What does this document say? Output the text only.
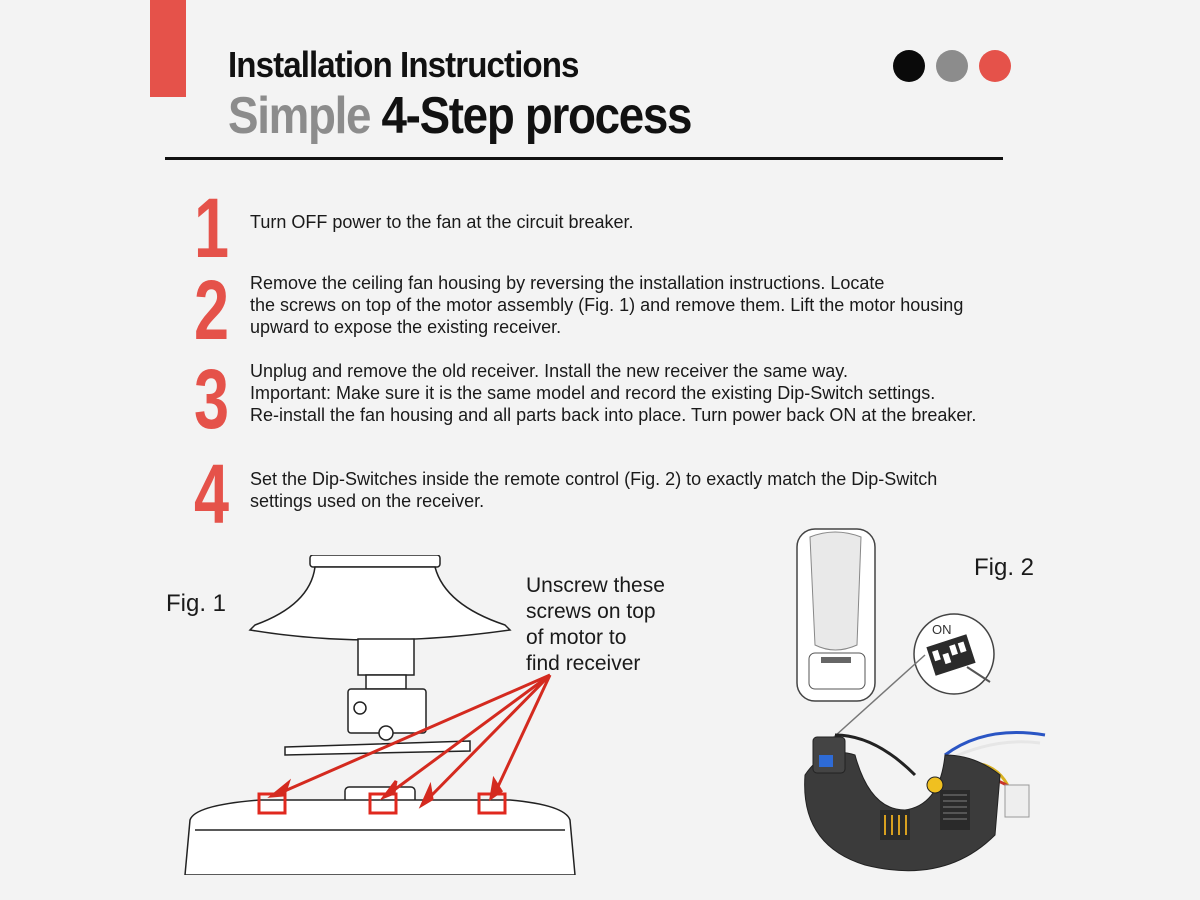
Installation Instructions
Simple 4-Step process
1 Turn OFF power to the fan at the circuit breaker.
2 Remove the ceiling fan housing by reversing the installation instructions. Locate
the screws on top of the motor assembly (Fig. 1) and remove them. Lift the motor housing
upward to expose the existing receiver.
3 Unplug and remove the old receiver. Install the new receiver the same way.
Important: Make sure it is the same model and record the existing Dip-Switch settings.
Re-install the fan housing and all parts back into place. Turn power back ON at the breaker.
4 Set the Dip-Switches inside the remote control (Fig. 2) to exactly match the Dip-Switch
settings used on the receiver.
Fig. 1
Fig. 2
Unscrew these
screws on top
of motor to
find receiver
ON
